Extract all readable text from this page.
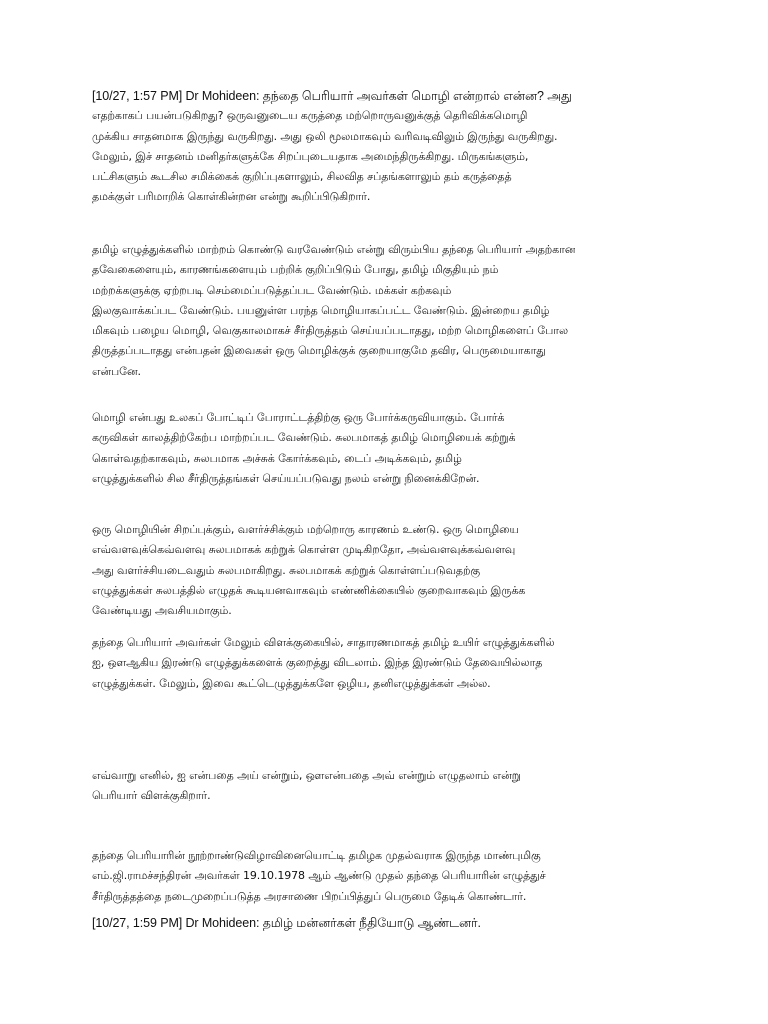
[10/27, 1:57 PM] Dr Mohideen: தந்தை பெரியார் அவர்கள் மொழி என்றால் என்ன? அது
எதற்காகப் பயன்படுகிறது? ஒருவனுடைய கருத்தை மற்றொருவனுக்குத் தெரிவிக்கமொழி
முக்கிய சாதனமாக இருந்து வருகிறது. அது ஒலி மூலமாகவும் வரிவடிவிலும் இருந்து வருகிறது.
மேலும், இச் சாதனம் மனிதர்களுக்கே சிறப்புடையதாக அமைந்திருக்கிறது. மிருகங்களும்,
பட்சிகளும் கூடசில சமிக்கைக் குறிப்புகளாலும், சிலவித சப்தங்களாலும் தம் கருத்தைத்
தமக்குள் பரிமாறிக் கொள்கின்றன என்று கூறிப்பிடுகிறார்.

தமிழ் எழுத்துக்களில் மாற்றம் கொண்டு வரவேண்டும் என்று விரும்பிய தந்தை பெரியார் அதற்கான
தவேகைளையும், காரணங்களையும் பற்றிக் குறிப்பிடும் போது, தமிழ் மிகுதியும் நம்
மற்றக்களுக்கு ஏற்றபடி செம்மைப்படுத்தப்பட வேண்டும். மக்கள் கற்கவும்
இலகுவாக்கப்பட வேண்டும். பயனுள்ள பரந்த மொழியாகப்பட்ட வேண்டும். இன்றைய தமிழ்
மிகவும் பழைய மொழி, வெகுகாலமாகச் சீர்திருத்தம் செய்யப்படாதது, மற்ற மொழிகளைப் போல
திருத்தப்படாதது என்பதன் இவைகள் ஒரு மொழிக்குக் குறையாகுமே தவிர, பெருமையாகாது
என்பனே.

மொழி என்பது உலகப் போட்டிப் போராட்டத்திற்கு ஒரு போர்க்கருவியாகும். போர்க்
கருவிகள் காலத்திற்கேற்ப மாற்றப்பட வேண்டும். சுலபமாகத் தமிழ் மொழியைக் கற்றுக்
கொள்வதற்காகவும், சுலபமாக அச்சுக் கோர்க்கவும், டைப் அடிக்கவும், தமிழ்
எழுத்துக்களில் சில சீர்திருத்தங்கள் செய்யப்படுவது நலம் என்று நினைக்கிறேன்.

ஒரு மொழியின் சிறப்புக்கும், வளர்ச்சிக்கும் மற்றொரு காரணம் உண்டு. ஒரு மொழியை
எவ்வளவுக்கெவ்வளவு சுலபமாகக் கற்றுக் கொள்ள முடிகிறதோ, அவ்வளவுக்கவ்வளவு
அது வளர்ச்சியடைவதும் சுலபமாகிறது. சுலபமாகக் கற்றுக் கொள்ளப்படுவதற்கு
எழுத்துக்கள் சுலபத்தில் எழுதக் கூடியனவாகவும் எண்ணிக்கையில் குறைவாகவும் இருக்க
வேண்டியது அவசியமாகும்.

தந்தை பெரியார் அவர்கள் மேலும் விளக்குகையில், சாதாரணமாகத் தமிழ் உயிர் எழுத்துக்களில்
ஐ, ஔஆகிய இரண்டு எழுத்துக்களைக் குறைத்து விடலாம். இந்த இரண்டும் தேவையில்லாத
எழுத்துக்கள். மேலும், இவை கூட்டெழுத்துக்களே ஒழிய, தனிஎழுத்துக்கள் அல்ல.

எவ்வாறு எனில், ஐ என்பதை அய் என்றும், ஔஎன்பதை அவ் என்றும் எழுதலாம் என்று
பெரியார் விளக்குகிறார்.

தந்தை பெரியாரின் நூற்றாண்டுவிழாவினையொட்டி தமிழக முதல்வராக இருந்த மாண்புமிகு
எம்.ஜி.ராமச்சந்திரன் அவர்கள் 19.10.1978 ஆம் ஆண்டு முதல் தந்தை பெரியாரின் எழுத்துச்
சீர்திருத்தத்தை நடைமுறைப்படுத்த அரசாணை பிறப்பித்துப் பெருமை தேடிக் கொண்டார்.

[10/27, 1:59 PM] Dr Mohideen: தமிழ் மன்னர்கள் நீதியோடு ஆண்டனர்.
